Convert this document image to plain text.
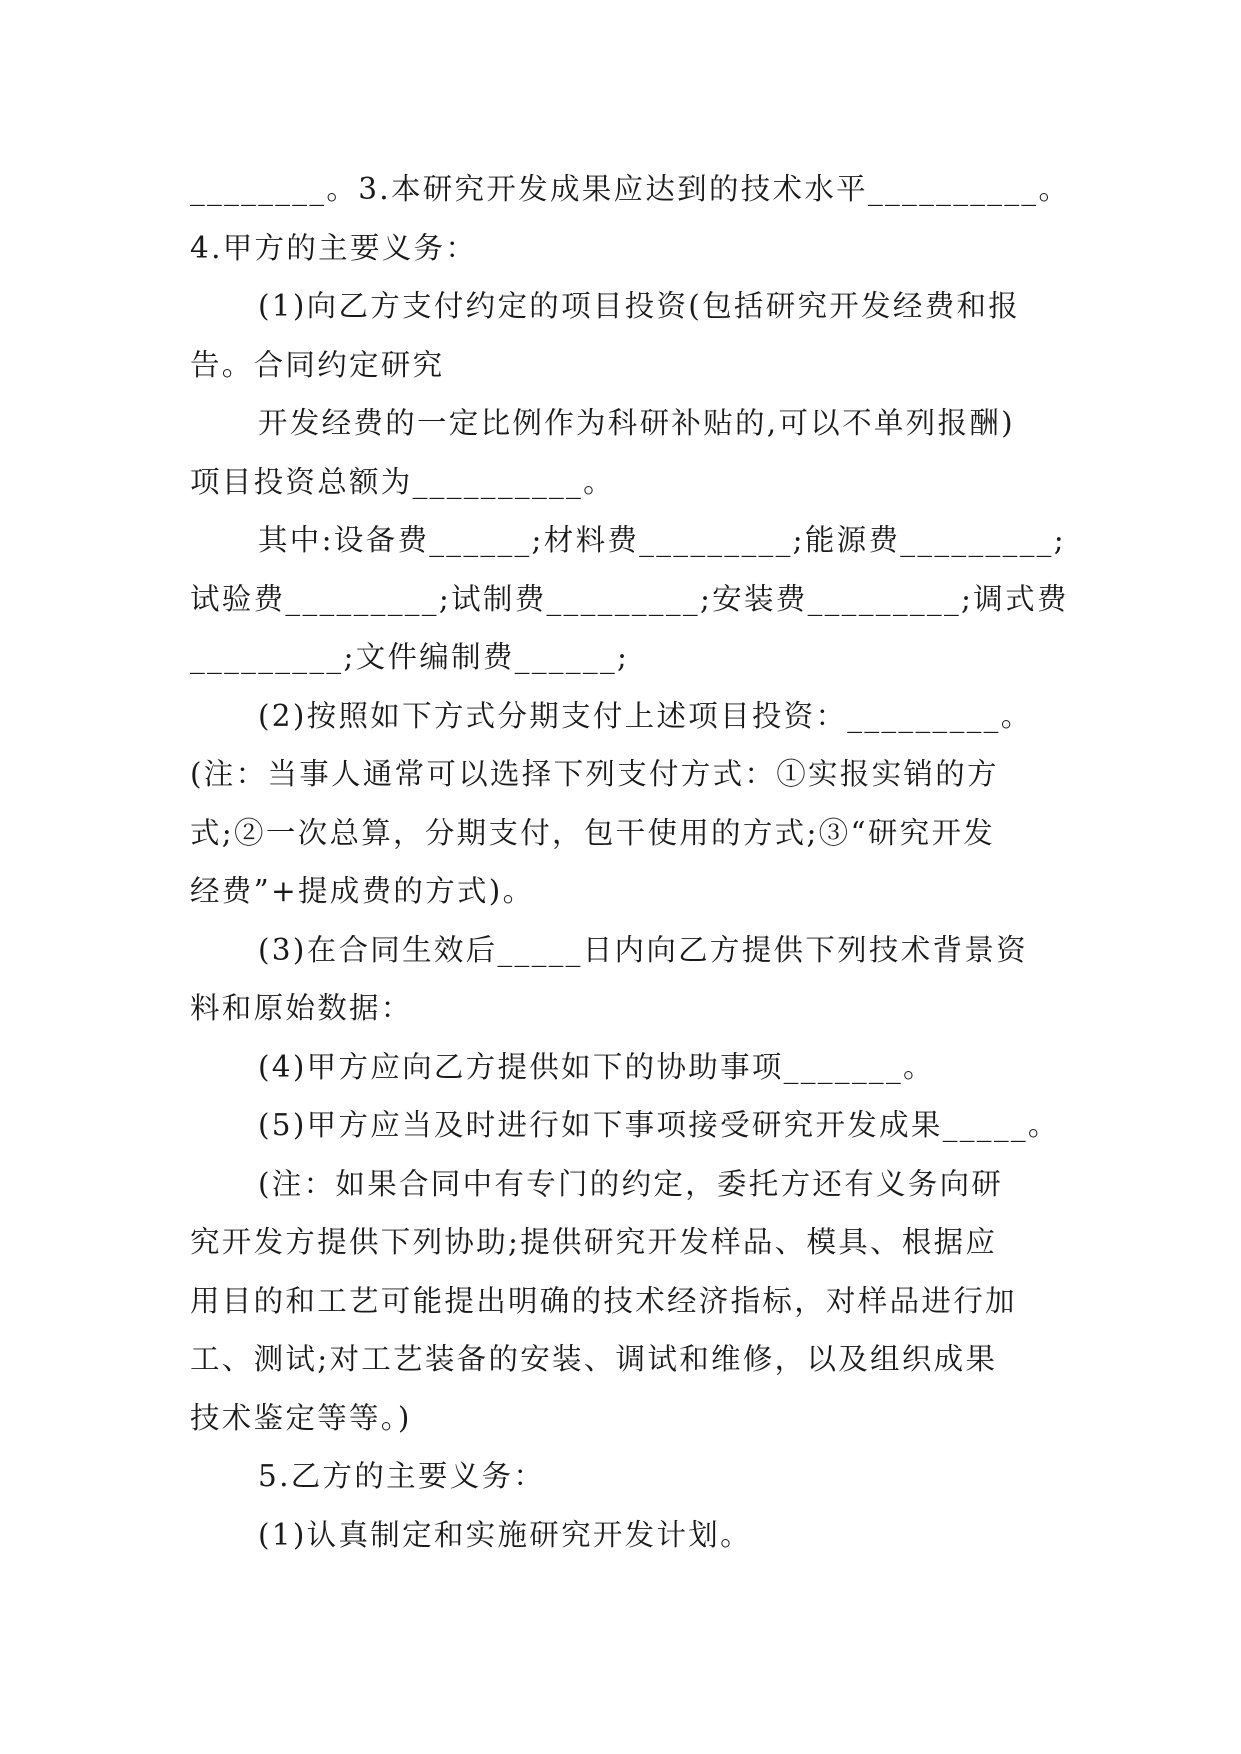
________。3.本研究开发成果应达到的技术水平__________。
4.甲方的主要义务：
(1)向乙方支付约定的项目投资(包括研究开发经费和报
告。合同约定研究
开发经费的一定比例作为科研补贴的,可以不单列报酬)
项目投资总额为__________。
其中:设备费______;材料费_________;能源费_________;
试验费_________;试制费_________;安装费_________;调式费
_________;文件编制费______;
(2)按照如下方式分期支付上述项目投资：_________。
(注：当事人通常可以选择下列支付方式：①实报实销的方
式;②一次总算，分期支付，包干使用的方式;③“研究开发
经费”+提成费的方式)。
(3)在合同生效后_____日内向乙方提供下列技术背景资
料和原始数据：
(4)甲方应向乙方提供如下的协助事项_______。
(5)甲方应当及时进行如下事项接受研究开发成果_____。
(注：如果合同中有专门的约定，委托方还有义务向研
究开发方提供下列协助;提供研究开发样品、模具、根据应
用目的和工艺可能提出明确的技术经济指标，对样品进行加
工、测试;对工艺装备的安装、调试和维修，以及组织成果
技术鉴定等等。)
5.乙方的主要义务：
(1)认真制定和实施研究开发计划。
